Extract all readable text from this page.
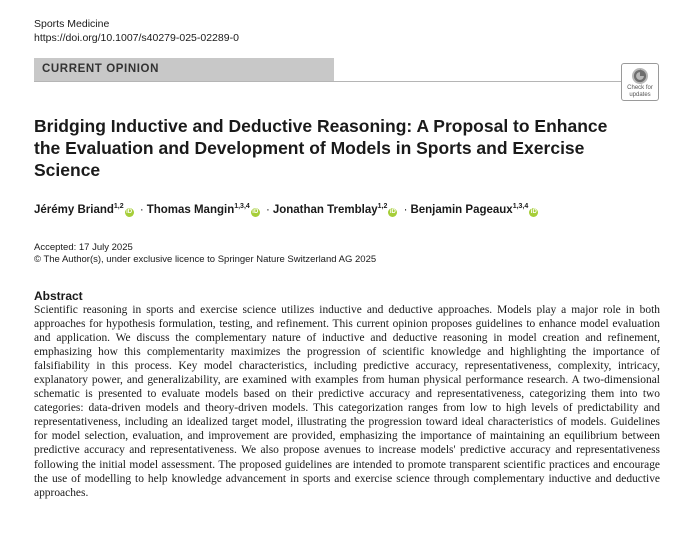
Sports Medicine
https://doi.org/10.1007/s40279-025-02289-0
CURRENT OPINION
Check for updates
Bridging Inductive and Deductive Reasoning: A Proposal to Enhance the Evaluation and Development of Models in Sports and Exercise Science
Jérémy Briand$^{1,2}$iD · Thomas Mangin$^{1,3,4}$iD · Jonathan Tremblay$^{1,2}$iD · Benjamin Pageaux$^{1,3,4}$iD
Accepted: 17 July 2025
© The Author(s), under exclusive licence to Springer Nature Switzerland AG 2025
Abstract

Scientific reasoning in sports and exercise science utilizes inductive and deductive approaches. Models play a major role in both approaches for hypothesis formulation, testing, and refinement. This current opinion proposes guidelines to enhance model evaluation and application. We discuss the complementary nature of inductive and deductive reasoning in model creation and refinement, emphasizing how this complementarity maximizes the progression of scientific knowledge and highlighting the importance of falsifiability in this process. Key model characteristics, including predictive accuracy, representativeness, complexity, intricacy, explanatory power, and generalizability, are examined with examples from human physical performance research. A two-dimensional schematic is presented to evaluate models based on their predictive accuracy and representativeness, categorizing them into two categories: data-driven models and theory-driven models. This categorization ranges from low to high levels of predictability and representativeness, including an idealized target model, illustrating the progression toward ideal characteristics of models. Guidelines for model selection, evaluation, and improvement are provided, emphasizing the importance of maintaining an equilibrium between predictive accuracy and representativeness. We also propose avenues to increase models' predictive accuracy and representativeness following the initial model assessment. The proposed guidelines are intended to promote transparent scientific practices and encourage the use of modelling to help knowledge advancement in sports and exercise science through complementary inductive and deductive approaches.
